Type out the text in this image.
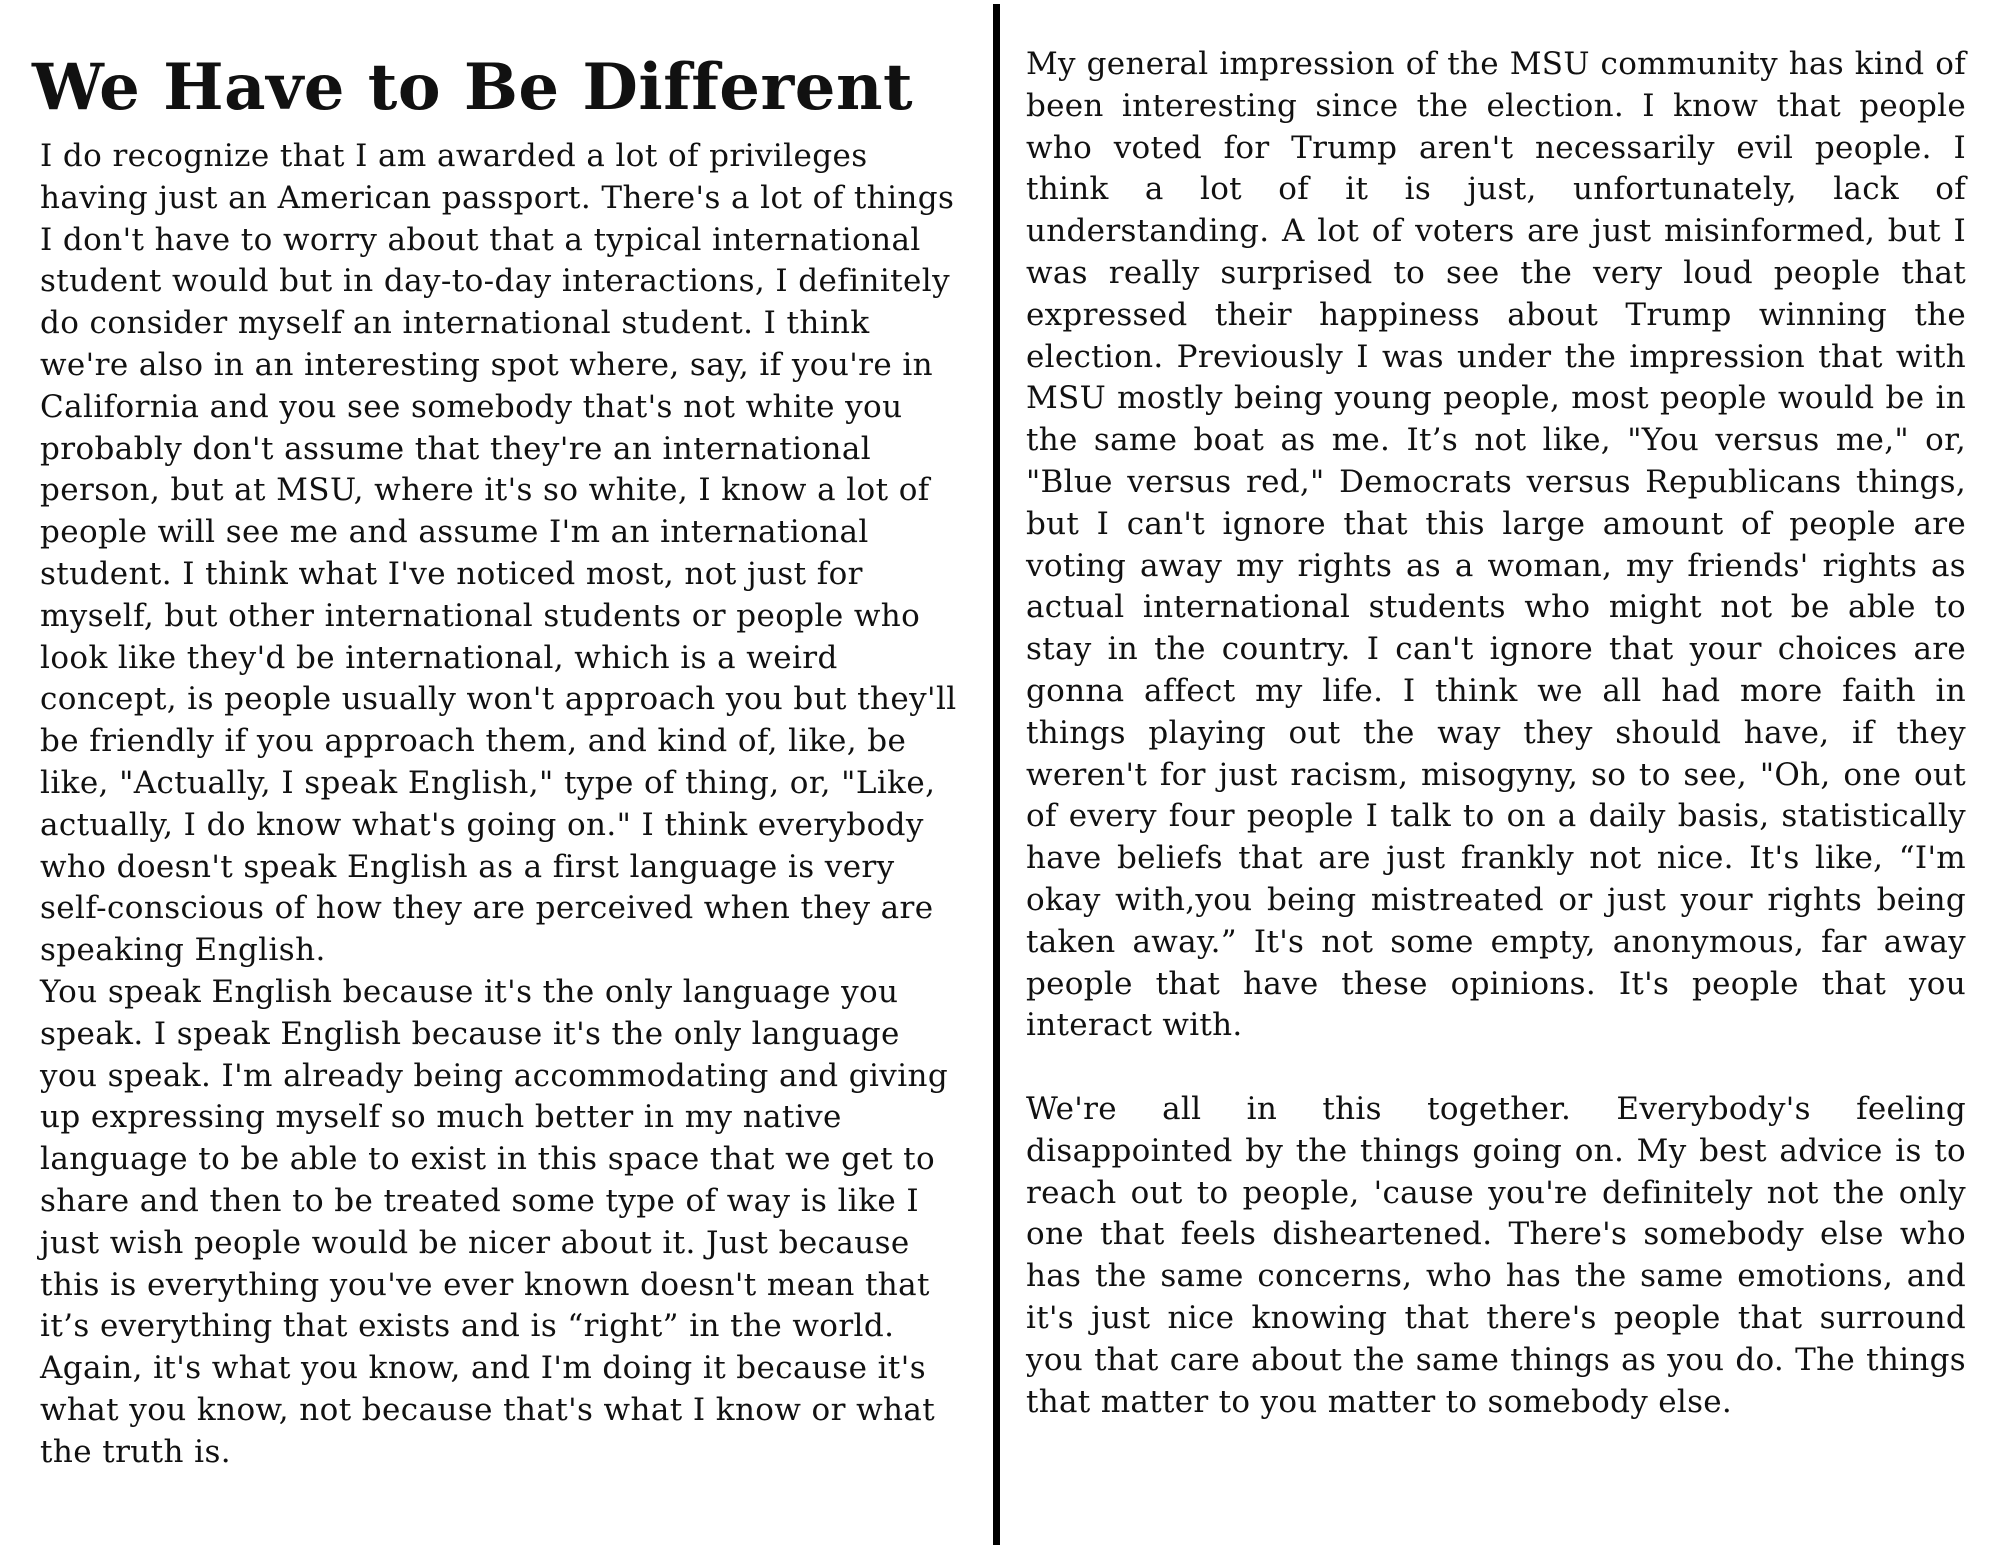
We Have to Be Different

I do recognize that I am awarded a lot of privileges having just an American passport. There's a lot of things I don't have to worry about that a typical international student would but in day-to-day interactions, I definitely do consider myself an international student. I think we're also in an interesting spot where, say, if you're in California and you see somebody that's not white you probably don't assume that they're an international person, but at MSU, where it's so white, I know a lot of people will see me and assume I'm an international student. I think what I've noticed most, not just for myself, but other international students or people who look like they'd be international, which is a weird concept, is people usually won't approach you but they'll be friendly if you approach them, and kind of, like, be like, "Actually, I speak English," type of thing, or, "Like, actually, I do know what's going on." I think everybody who doesn't speak English as a first language is very self-conscious of how they are perceived when they are speaking English.

You speak English because it's the only language you speak. I speak English because it's the only language you speak. I'm already being accommodating and giving up expressing myself so much better in my native language to be able to exist in this space that we get to share and then to be treated some type of way is like I just wish people would be nicer about it. Just because this is everything you've ever known doesn't mean that it’s everything that exists and is “right” in the world. Again, it's what you know, and I'm doing it because it's what you know, not because that's what I know or what the truth is.

My general impression of the MSU community has kind of been interesting since the election. I know that people who voted for Trump aren't necessarily evil people. I think a lot of it is just, unfortunately, lack of understanding. A lot of voters are just misinformed, but I was really surprised to see the very loud people that expressed their happiness about Trump winning the election. Previously I was under the impression that with MSU mostly being young people, most people would be in the same boat as me. It’s not like, "You versus me," or, "Blue versus red," Democrats versus Republicans things, but I can't ignore that this large amount of people are voting away my rights as a woman, my friends' rights as actual international students who might not be able to stay in the country. I can't ignore that your choices are gonna affect my life. I think we all had more faith in things playing out the way they should have, if they weren't for just racism, misogyny, so to see, "Oh, one out of every four people I talk to on a daily basis, statistically have beliefs that are just frankly not nice. It's like, “I'm okay with,you being mistreated or just your rights being taken away.” It's not some empty, anonymous, far away people that have these opinions. It's people that you interact with.

We're all in this together. Everybody's feeling disappointed by the things going on. My best advice is to reach out to people, 'cause you're definitely not the only one that feels disheartened. There's somebody else who has the same concerns, who has the same emotions, and it's just nice knowing that there's people that surround you that care about the same things as you do. The things that matter to you matter to somebody else.
